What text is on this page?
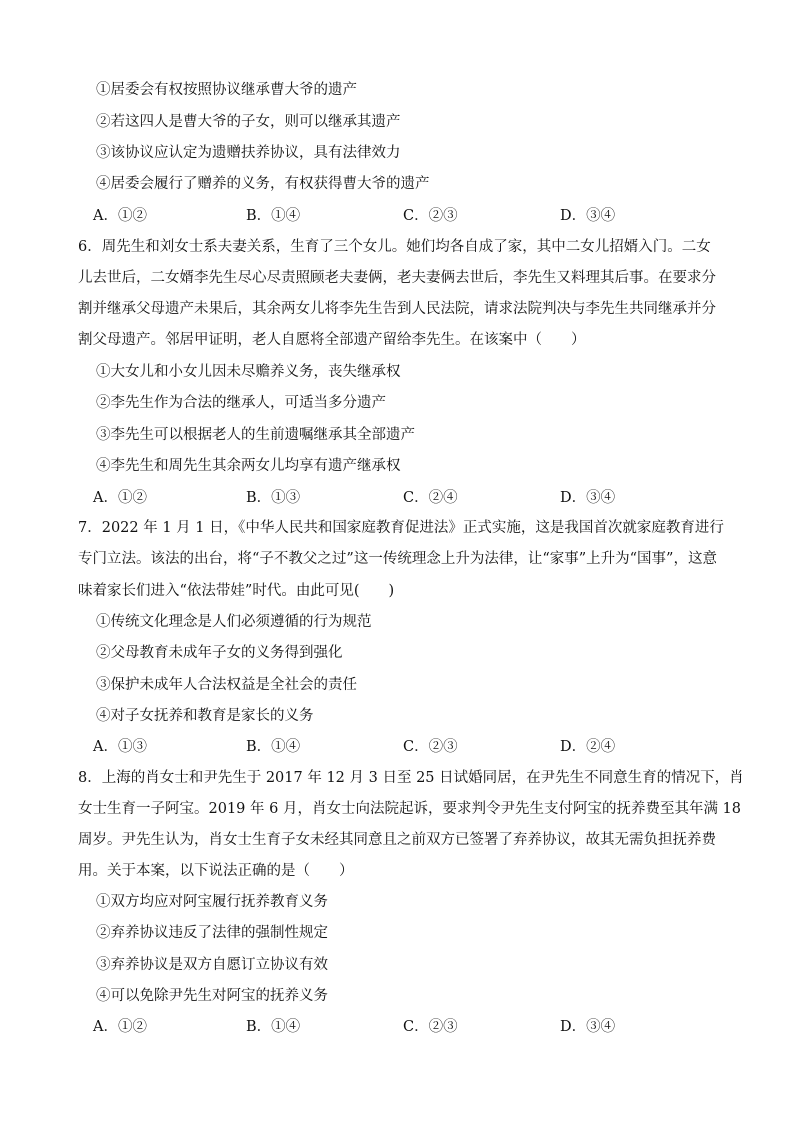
①居委会有权按照协议继承曹大爷的遗产
②若这四人是曹大爷的子女，则可以继承其遗产
③该协议应认定为遗赠扶养协议，具有法律效力
④居委会履行了赠养的义务，有权获得曹大爷的遗产
A．①②	B．①④	C．②③	D．③④
6．周先生和刘女士系夫妻关系，生育了三个女儿。她们均各自成了家，其中二女儿招婿入门。二女
儿去世后，二女婿李先生尽心尽责照顾老夫妻俩，老夫妻俩去世后，李先生又料理其后事。在要求分
割并继承父母遗产未果后，其余两女儿将李先生告到人民法院，请求法院判决与李先生共同继承并分
割父母遗产。邻居甲证明，老人自愿将全部遗产留给李先生。在该案中（　　）
①大女儿和小女儿因未尽赡养义务，丧失继承权
②李先生作为合法的继承人，可适当多分遗产
③李先生可以根据老人的生前遗嘱继承其全部遗产
④李先生和周先生其余两女儿均享有遗产继承权
A．①②	B．①③	C．②④	D．③④
7．2022 年 1 月 1 日，《中华人民共和国家庭教育促进法》正式实施，这是我国首次就家庭教育进行
专门立法。该法的出台，将“子不教父之过”这一传统理念上升为法律，让“家事”上升为“国事”，这意
味着家长们进入“依法带娃”时代。由此可见(　　)
①传统文化理念是人们必须遵循的行为规范
②父母教育未成年子女的义务得到强化
③保护未成年人合法权益是全社会的责任
④对子女抚养和教育是家长的义务
A．①③	B．①④	C．②③	D．②④
8．上海的肖女士和尹先生于 2017 年 12 月 3 日至 25 日试婚同居，在尹先生不同意生育的情况下，肖
女士生育一子阿宝。2019 年 6 月，肖女士向法院起诉，要求判令尹先生支付阿宝的抚养费至其年满 18
周岁。尹先生认为，肖女士生育子女未经其同意且之前双方已签署了弃养协议，故其无需负担抚养费
用。关于本案，以下说法正确的是（　　）
①双方均应对阿宝履行抚养教育义务
②弃养协议违反了法律的强制性规定
③弃养协议是双方自愿订立协议有效
④可以免除尹先生对阿宝的抚养义务
A．①②	B．①④	C．②③	D．③④
